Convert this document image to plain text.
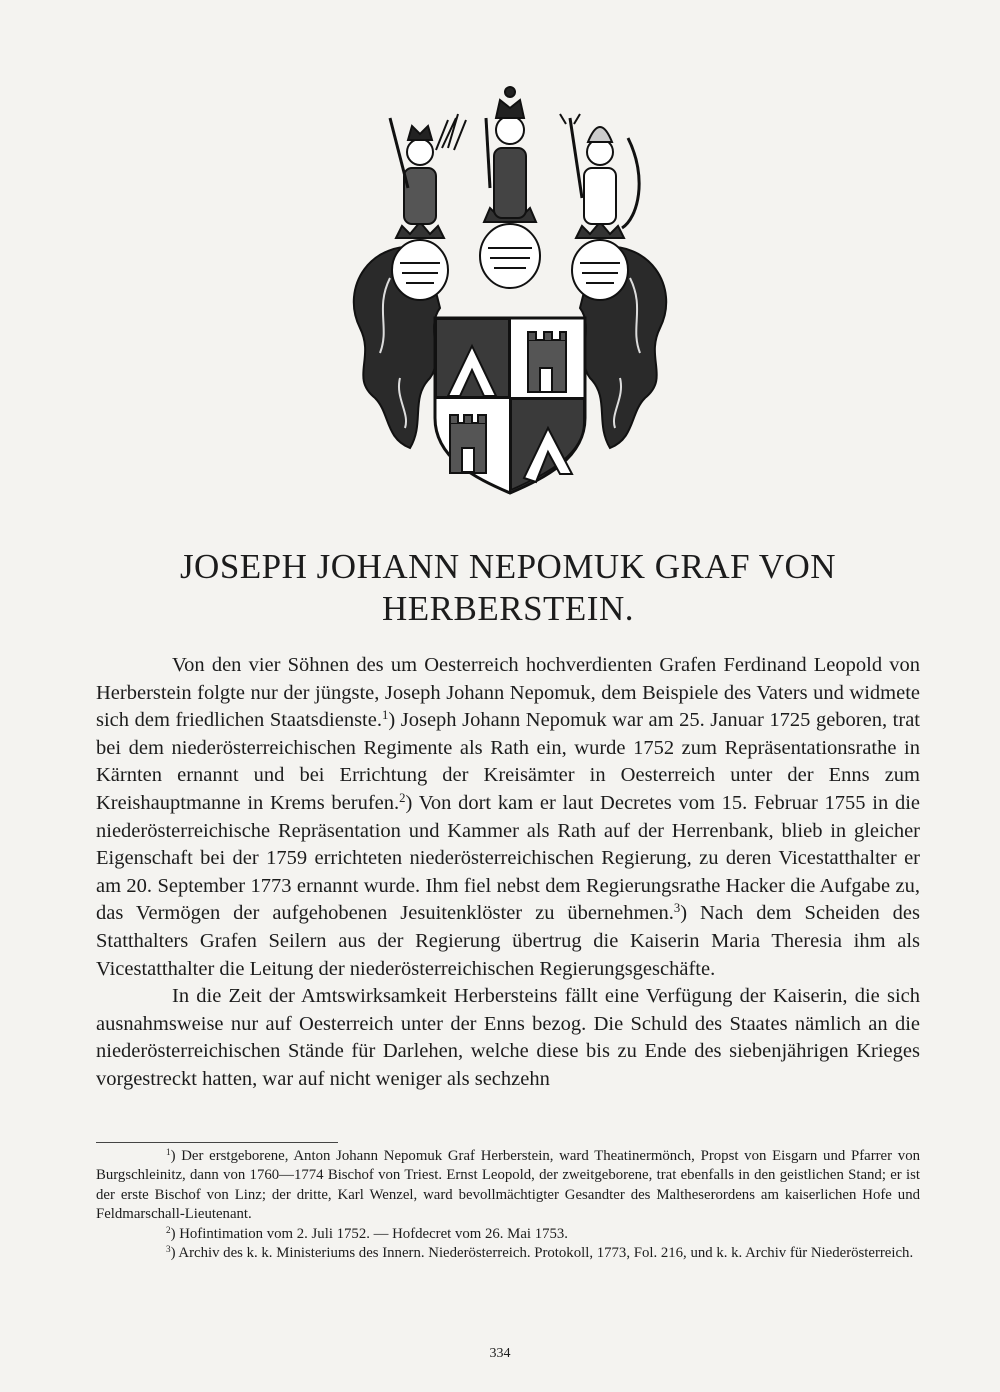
JOSEPH JOHANN NEPOMUK GRAF VON
HERBERSTEIN.

Von den vier Söhnen des um Oesterreich hochverdienten Grafen Ferdinand Leopold von Herberstein folgte nur der jüngste, Joseph Johann Nepomuk, dem Beispiele des Vaters und widmete sich dem friedlichen Staatsdienste.$^1$) Joseph Johann Nepomuk war am 25. Januar 1725 geboren, trat bei dem niederösterreichischen Regimente als Rath ein, wurde 1752 zum Repräsentationsrathe in Kärnten ernannt und bei Errichtung der Kreisämter in Oesterreich unter der Enns zum Kreishauptmanne in Krems berufen.$^2$) Von dort kam er laut Decretes vom 15. Februar 1755 in die niederösterreichische Repräsentation und Kammer als Rath auf der Herrenbank, blieb in gleicher Eigenschaft bei der 1759 errichteten niederösterreichischen Regierung, zu deren Vicestatthalter er am 20. September 1773 ernannt wurde. Ihm fiel nebst dem Regierungsrathe Hacker die Aufgabe zu, das Vermögen der aufgehobenen Jesuitenklöster zu übernehmen.$^3$) Nach dem Scheiden des Statthalters Grafen Seilern aus der Regierung übertrug die Kaiserin Maria Theresia ihm als Vicestatthalter die Leitung der niederösterreichischen Regierungsgeschäfte.

In die Zeit der Amtswirksamkeit Herbersteins fällt eine Verfügung der Kaiserin, die sich ausnahmsweise nur auf Oesterreich unter der Enns bezog. Die Schuld des Staates nämlich an die niederösterreichischen Stände für Darlehen, welche diese bis zu Ende des siebenjährigen Krieges vorgestreckt hatten, war auf nicht weniger als sechzehn

$^1$) Der erstgeborene, Anton Johann Nepomuk Graf Herberstein, ward Theatinermönch, Propst von Eisgarn und Pfarrer von Burgschleinitz, dann von 1760—1774 Bischof von Triest. Ernst Leopold, der zweitgeborene, trat ebenfalls in den geistlichen Stand; er ist der erste Bischof von Linz; der dritte, Karl Wenzel, ward bevollmächtigter Gesandter des Maltheserordens am kaiserlichen Hofe und Feldmarschall-Lieutenant.

$^2$) Hofintimation vom 2. Juli 1752. — Hofdecret vom 26. Mai 1753.

$^3$) Archiv des k. k. Ministeriums des Innern. Niederösterreich. Protokoll, 1773, Fol. 216, und k. k. Archiv für Niederösterreich.

334
